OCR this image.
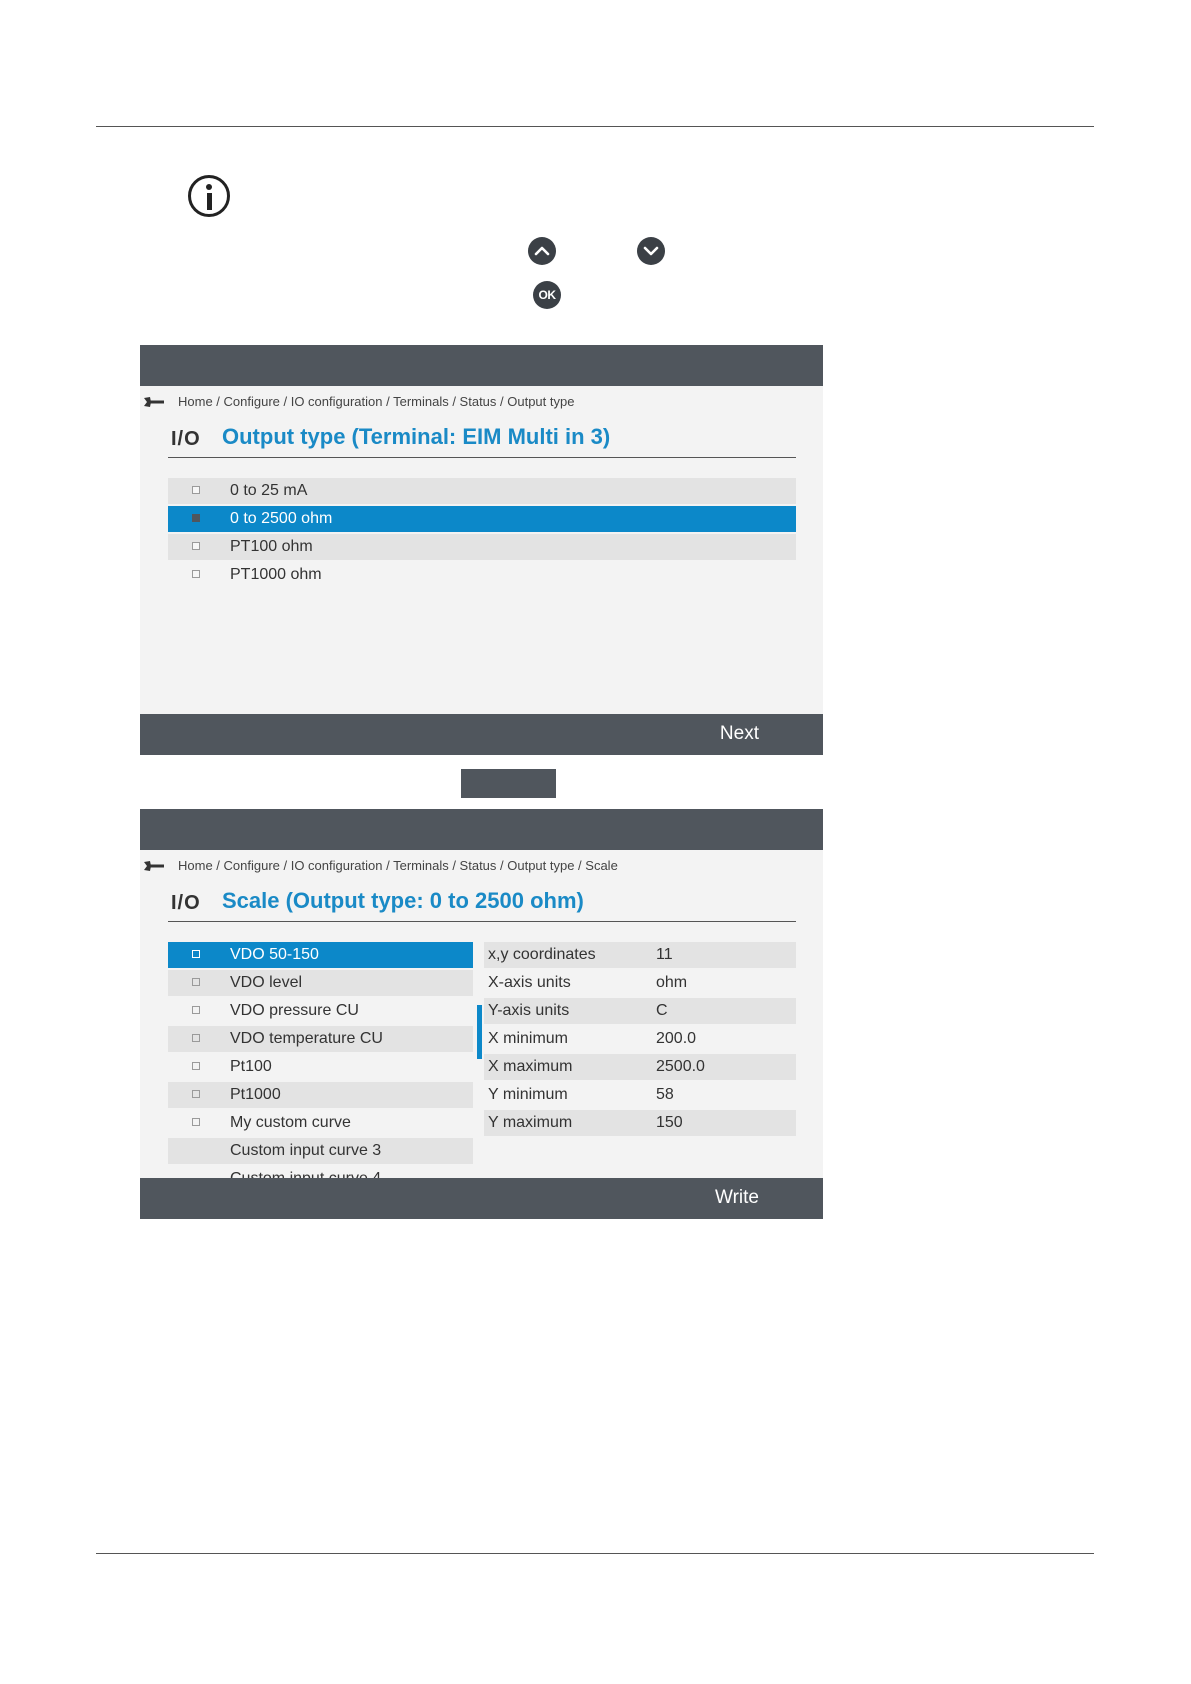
OK
Home / Configure / IO configuration / Terminals / Status / Output type
I/O Output type (Terminal: EIM Multi in 3)
0 to 25 mA
0 to 2500 ohm
PT100 ohm
PT1000 ohm
Next
Home / Configure / IO configuration / Terminals / Status / Output type / Scale
I/O Scale (Output type: 0 to 2500 ohm)
VDO 50-150
VDO level
VDO pressure CU
VDO temperature CU
Pt100
Pt1000
My custom curve
Custom input curve 3
x,y coordinates	11
X-axis units	ohm
Y-axis units	C
X minimum	200.0
X maximum	2500.0
Y minimum	58
Y maximum	150
Write
